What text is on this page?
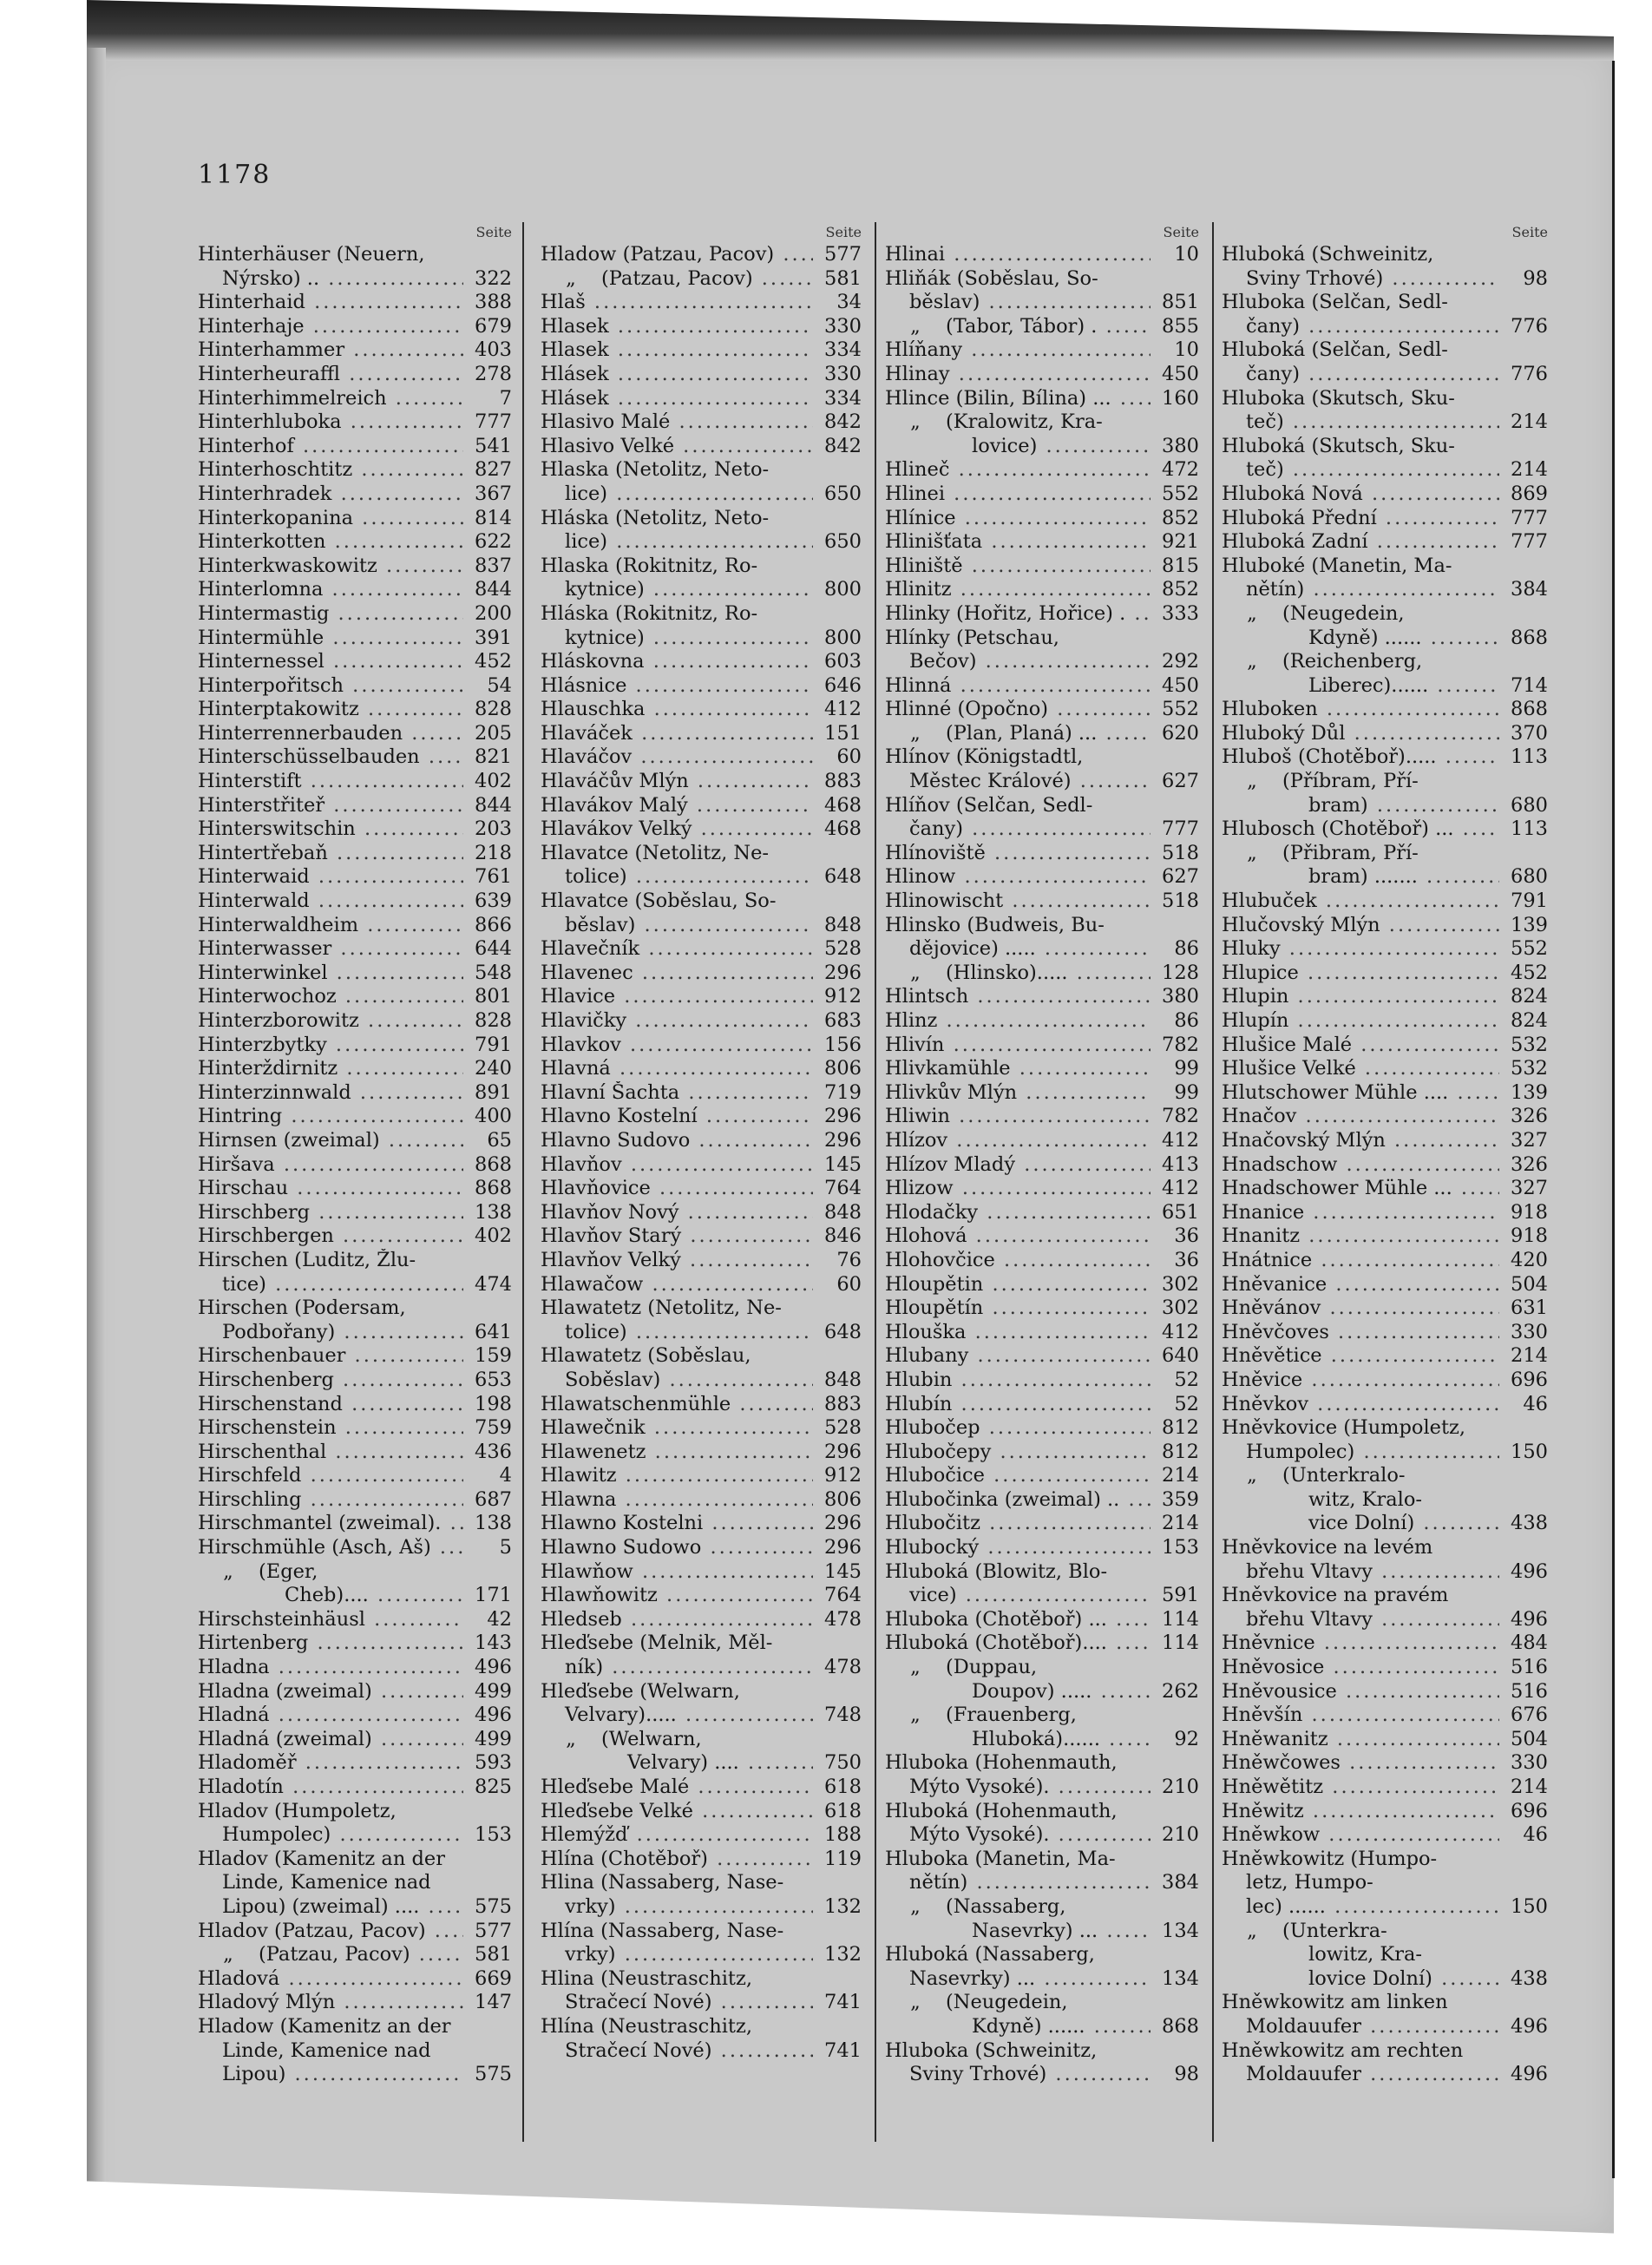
1178
Seite
Hinterhäuser (Neuern,
Nýrsko) .. .....	322
Hinterhaid .....	388
Hinterhaje .....	679
Hinterhammer .....	403
Hinterheuraffl .....	278
Hinterhimmelreich .....	7
Hinterhluboka .....	777
Hinterhof .....	541
Hinterhoschtitz .....	827
Hinterhradek .....	367
Hinterkopanina .....	814
Hinterkotten .....	622
Hinterkwaskowitz .....	837
Hinterlomna .....	844
Hintermastig .....	200
Hintermühle .....	391
Hinternessel .....	452
Hinterpořitsch .....	54
Hinterptakowitz .....	828
Hinterrennerbauden .....	205
Hinterschüsselbauden .....	821
Hinterstift .....	402
Hinterstřiteř .....	844
Hinterswitschin .....	203
Hintertřebaň .....	218
Hinterwaid .....	761
Hinterwald .....	639
Hinterwaldheim .....	866
Hinterwasser .....	644
Hinterwinkel .....	548
Hinterwochoz .....	801
Hinterzborowitz .....	828
Hinterzbytky .....	791
Hinterždirnitz .....	240
Hinterzinnwald .....	891
Hintring .....	400
Hirnsen (zweimal) .....	65
Hiršava .....	868
Hirschau .....	868
Hirschberg .....	138
Hirschbergen .....	402
Hirschen (Luditz, Žlu-
tice) .....	474
Hirschen (Podersam,
Podbořany) .....	641
Hirschenbauer .....	159
Hirschenberg .....	653
Hirschenstand .....	198
Hirschenstein .....	759
Hirschenthal .....	436
Hirschfeld .....	4
Hirschling .....	687
Hirschmantel (zweimal). .....	138
Hirschmühle (Asch, Aš) .....	5
„ (Eger,
Cheb).... .....	171
Hirschsteinhäusl .....	42
Hirtenberg .....	143
Hladna .....	496
Hladna (zweimal) .....	499
Hladná .....	496
Hladná (zweimal) .....	499
Hladoměř .....	593
Hladotín .....	825
Hladov (Humpoletz,
Humpolec) .....	153
Hladov (Kamenitz an der
Linde, Kamenice nad
Lipou) (zweimal) .... .....	575
Hladov (Patzau, Pacov) .....	577
„ (Patzau, Pacov) .....	581
Hladová .....	669
Hladový Mlýn .....	147
Hladow (Kamenitz an der
Linde, Kamenice nad
Lipou) .....	575
Seite
Hladow (Patzau, Pacov) .....	577
„ (Patzau, Pacov) .....	581
Hlaš .....	34
Hlasek .....	330
Hlasek .....	334
Hlásek .....	330
Hlásek .....	334
Hlasivo Malé .....	842
Hlasivo Velké .....	842
Hlaska (Netolitz, Neto-
lice) .....	650
Hláska (Netolitz, Neto-
lice) .....	650
Hlaska (Rokitnitz, Ro-
kytnice) .....	800
Hláska (Rokitnitz, Ro-
kytnice) .....	800
Hláskovna .....	603
Hlásnice .....	646
Hlauschka .....	412
Hlaváček .....	151
Hlaváčov .....	60
Hlaváčův Mlýn .....	883
Hlavákov Malý .....	468
Hlavákov Velký .....	468
Hlavatce (Netolitz, Ne-
tolice) .....	648
Hlavatce (Soběslau, So-
běslav) .....	848
Hlavečník .....	528
Hlavenec .....	296
Hlavice .....	912
Hlavičky .....	683
Hlavkov .....	156
Hlavná .....	806
Hlavní Šachta .....	719
Hlavno Kostelní .....	296
Hlavno Sudovo .....	296
Hlavňov .....	145
Hlavňovice .....	764
Hlavňov Nový .....	848
Hlavňov Starý .....	846
Hlavňov Velký .....	76
Hlawačow .....	60
Hlawatetz (Netolitz, Ne-
tolice) .....	648
Hlawatetz (Soběslau,
Soběslav) .....	848
Hlawatschenmühle .....	883
Hlawečnik .....	528
Hlawenetz .....	296
Hlawitz .....	912
Hlawna .....	806
Hlawno Kostelni .....	296
Hlawno Sudowo .....	296
Hlawňow .....	145
Hlawňowitz .....	764
Hledseb .....	478
Hleďsebe (Melnik, Měl-
ník) .....	478
Hleďsebe (Welwarn,
Velvary)..... .....	748
„ (Welwarn,
Velvary) .... .....	750
Hleďsebe Malé .....	618
Hleďsebe Velké .....	618
Hlemýžď .....	188
Hlína (Chotěboř) .....	119
Hlina (Nassaberg, Nase-
vrky) .....	132
Hlína (Nassaberg, Nase-
vrky) .....	132
Hlina (Neustraschitz,
Stračecí Nové) .....	741
Hlína (Neustraschitz,
Stračecí Nové) .....	741
Seite
Hlinai .....	10
Hliňák (Soběslau, So-
běslav) .....	851
„ (Tabor, Tábor) . .....	855
Hlíňany .....	10
Hlinay .....	450
Hlince (Bilin, Bílina) ... .....	160
„ (Kralowitz, Kra-
lovice) .....	380
Hlineč .....	472
Hlinei .....	552
Hlínice .....	852
Hlinišťata .....	921
Hliniště .....	815
Hlinitz .....	852
Hlinky (Hořitz, Hořice) . .....	333
Hlínky (Petschau,
Bečov) .....	292
Hlinná .....	450
Hlinné (Opočno) .....	552
„ (Plan, Planá) ... .....	620
Hlínov (Königstadtl,
Městec Králové) .....	627
Hlíňov (Selčan, Sedl-
čany) .....	777
Hlínoviště .....	518
Hlinow .....	627
Hlinowischt .....	518
Hlinsko (Budweis, Bu-
dějovice) ..... .....	86
„ (Hlinsko)..... .....	128
Hlintsch .....	380
Hlinz .....	86
Hlivín .....	782
Hlivkamühle .....	99
Hlivkův Mlýn .....	99
Hliwin .....	782
Hlízov .....	412
Hlízov Mladý .....	413
Hlizow .....	412
Hlodačky .....	651
Hlohová .....	36
Hlohovčice .....	36
Hloupětin .....	302
Hloupětín .....	302
Hlouška .....	412
Hlubany .....	640
Hlubin .....	52
Hlubín .....	52
Hlubočep .....	812
Hlubočepy .....	812
Hlubočice .....	214
Hlubočinka (zweimal) .. .....	359
Hlubočitz .....	214
Hlubocký .....	153
Hluboká (Blowitz, Blo-
vice) .....	591
Hluboka (Chotěboř) ... .....	114
Hluboká (Chotěboř).... .....	114
„ (Duppau,
Doupov) ..... .....	262
„ (Frauenberg,
Hluboká)...... .....	92
Hluboka (Hohenmauth,
Mýto Vysoké). .....	210
Hluboká (Hohenmauth,
Mýto Vysoké). .....	210
Hluboka (Manetin, Ma-
nětín) .....	384
„ (Nassaberg,
Nasevrky) ... .....	134
Hluboká (Nassaberg,
Nasevrky) ... .....	134
„ (Neugedein,
Kdyně) ...... .....	868
Hluboka (Schweinitz,
Sviny Trhové) .....	98
Seite
Hluboká (Schweinitz,
Sviny Trhové) .....	98
Hluboka (Selčan, Sedl-
čany) .....	776
Hluboká (Selčan, Sedl-
čany) .....	776
Hluboka (Skutsch, Sku-
teč) .....	214
Hluboká (Skutsch, Sku-
teč) .....	214
Hluboká Nová .....	869
Hluboká Přední .....	777
Hluboká Zadní .....	777
Hluboké (Manetin, Ma-
nětín) .....	384
„ (Neugedein,
Kdyně) ...... .....	868
„ (Reichenberg,
Liberec)...... .....	714
Hluboken .....	868
Hluboký Důl .....	370
Hluboš (Chotěboř)..... .....	113
„ (Příbram, Pří-
bram) .....	680
Hlubosch (Chotěboř) ... .....	113
„ (Přibram, Pří-
bram) ....... .....	680
Hlubuček .....	791
Hlučovský Mlýn .....	139
Hluky .....	552
Hlupice .....	452
Hlupin .....	824
Hlupín .....	824
Hlušice Malé .....	532
Hlušice Velké .....	532
Hlutschower Mühle .... .....	139
Hnačov .....	326
Hnačovský Mlýn .....	327
Hnadschow .....	326
Hnadschower Mühle ... .....	327
Hnanice .....	918
Hnanitz .....	918
Hnátnice .....	420
Hněvanice .....	504
Hněvánov .....	631
Hněvčoves .....	330
Hněvětice .....	214
Hněvice .....	696
Hněvkov .....	46
Hněvkovice (Humpoletz,
Humpolec) .....	150
„ (Unterkralo-
witz, Kralo-
vice Dolní) .....	438
Hněvkovice na levém
břehu Vltavy .....	496
Hněvkovice na pravém
břehu Vltavy .....	496
Hněvnice .....	484
Hněvosice .....	516
Hněvousice .....	516
Hněvšín .....	676
Hněwanitz .....	504
Hněwčowes .....	330
Hněwětitz .....	214
Hněwitz .....	696
Hněwkow .....	46
Hněwkowitz (Humpo-
letz, Humpo-
lec) ...... .....	150
„ (Unterkra-
lowitz, Kra-
lovice Dolní) .....	438
Hněwkowitz am linken
Moldauufer .....	496
Hněwkowitz am rechten
Moldauufer .....	496
